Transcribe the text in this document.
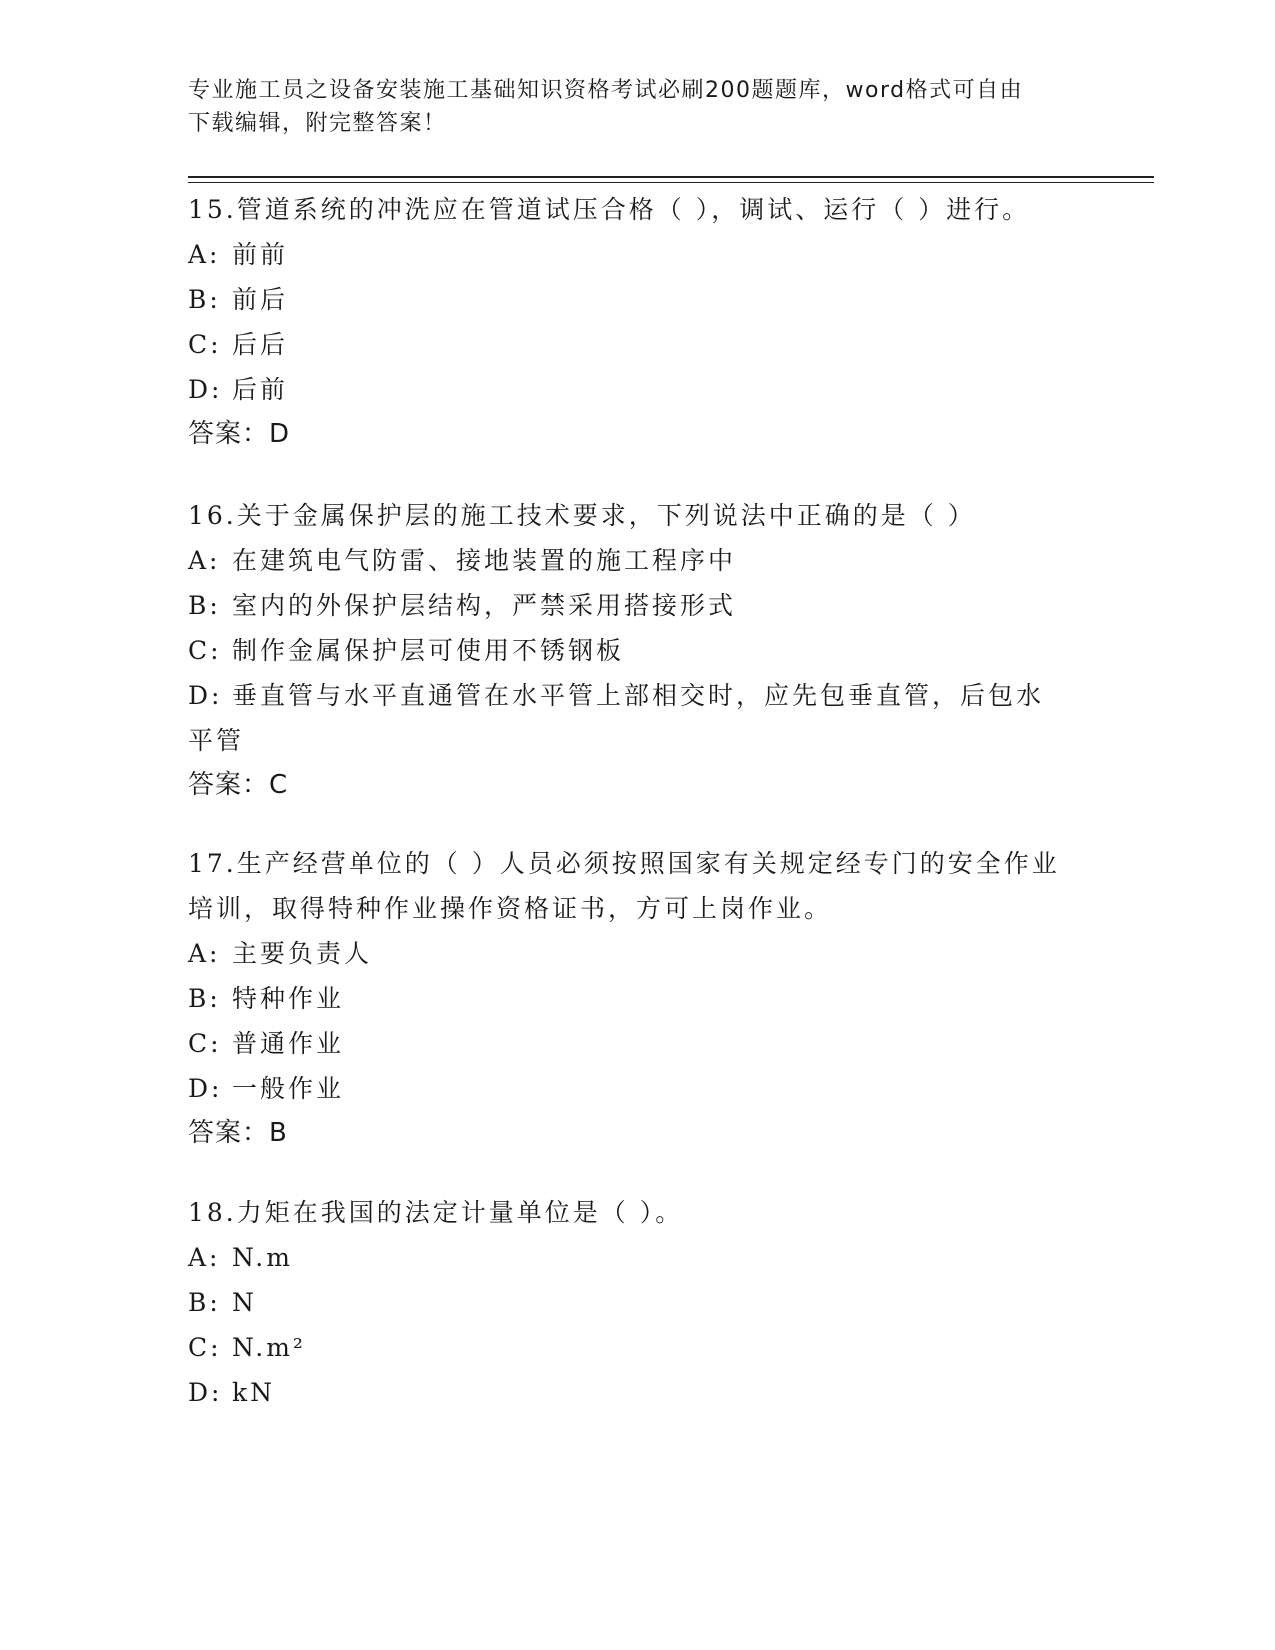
专业施工员之设备安装施工基础知识资格考试必刷200题题库，word格式可自由
下载编辑，附完整答案！
15.管道系统的冲洗应在管道试压合格（ ），调试、运行（ ）进行。
A: 前前
B: 前后
C: 后后
D: 后前
答案：D
16.关于金属保护层的施工技术要求，下列说法中正确的是（ ）
A: 在建筑电气防雷、接地装置的施工程序中
B: 室内的外保护层结构，严禁采用搭接形式
C: 制作金属保护层可使用不锈钢板
D: 垂直管与水平直通管在水平管上部相交时，应先包垂直管，后包水平管
答案：C
17.生产经营单位的（ ）人员必须按照国家有关规定经专门的安全作业培训，取得特种作业操作资格证书，方可上岗作业。
A: 主要负责人
B: 特种作业
C: 普通作业
D: 一般作业
答案：B
18.力矩在我国的法定计量单位是（ ）。
A: N.m
B: N
C: N.m²
D: kN
